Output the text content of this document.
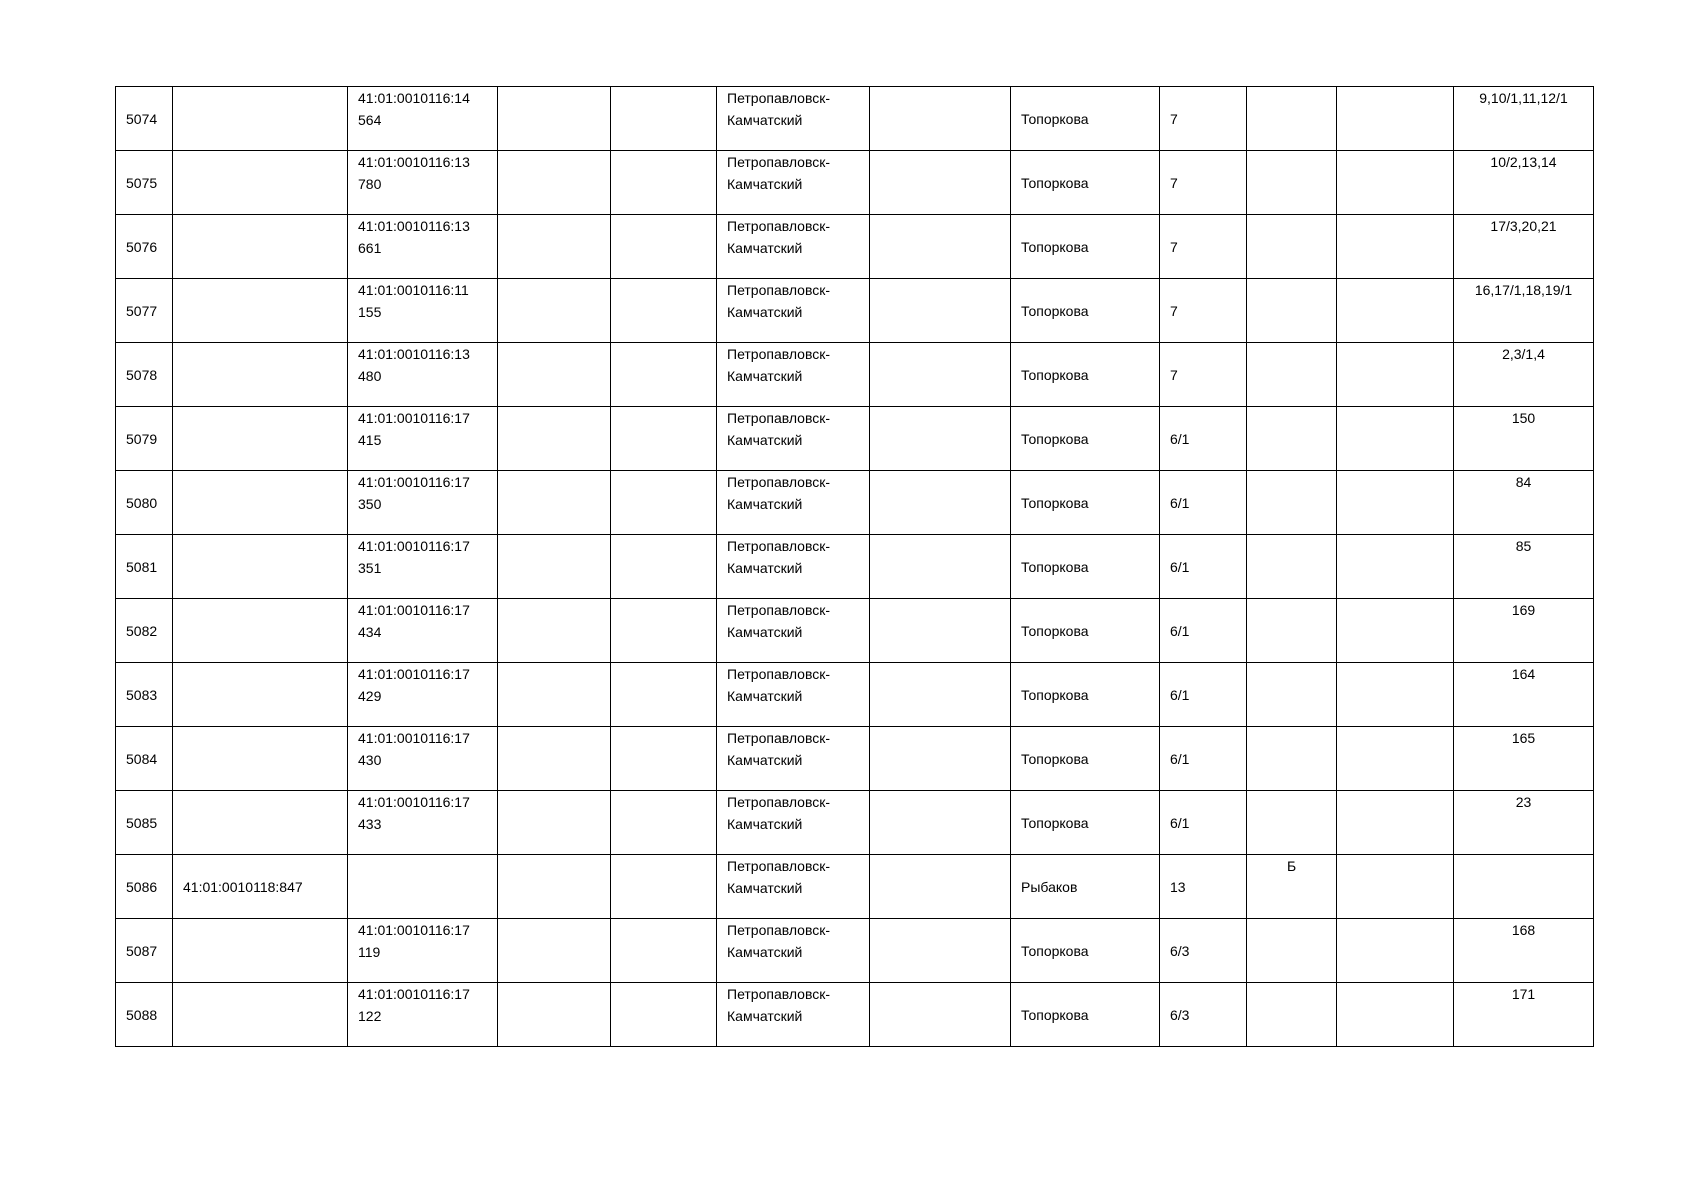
5074		41:01:0010116:14
564			Петропавловск-
Камчатский		Топоркова	7			9,10/1,11,12/1
5075		41:01:0010116:13
780			Петропавловск-
Камчатский		Топоркова	7			10/2,13,14
5076		41:01:0010116:13
661			Петропавловск-
Камчатский		Топоркова	7			17/3,20,21
5077		41:01:0010116:11
155			Петропавловск-
Камчатский		Топоркова	7			16,17/1,18,19/1
5078		41:01:0010116:13
480			Петропавловск-
Камчатский		Топоркова	7			2,3/1,4
5079		41:01:0010116:17
415			Петропавловск-
Камчатский		Топоркова	6/1			150
5080		41:01:0010116:17
350			Петропавловск-
Камчатский		Топоркова	6/1			84
5081		41:01:0010116:17
351			Петропавловск-
Камчатский		Топоркова	6/1			85
5082		41:01:0010116:17
434			Петропавловск-
Камчатский		Топоркова	6/1			169
5083		41:01:0010116:17
429			Петропавловск-
Камчатский		Топоркова	6/1			164
5084		41:01:0010116:17
430			Петропавловск-
Камчатский		Топоркова	6/1			165
5085		41:01:0010116:17
433			Петропавловск-
Камчатский		Топоркова	6/1			23
5086	41:01:0010118:847				Петропавловск-
Камчатский		Рыбаков	13	Б		
5087		41:01:0010116:17
119			Петропавловск-
Камчатский		Топоркова	6/3			168
5088		41:01:0010116:17
122			Петропавловск-
Камчатский		Топоркова	6/3			171
